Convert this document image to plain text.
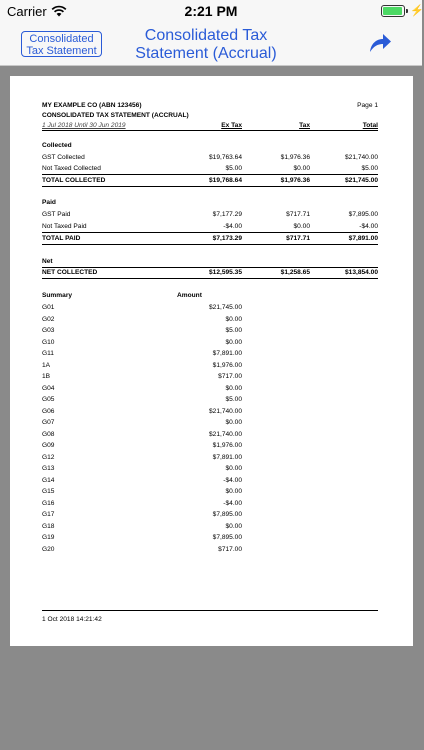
Carrier	2:21 PM	⚡
Consolidated
Tax Statement
Consolidated Tax
Statement (Accrual)
MY EXAMPLE CO (ABN 123456)	Page 1
CONSOLIDATED TAX STATEMENT (ACCRUAL)
1 Jul 2018 Until 30 Jun 2019	Ex Tax	Tax	Total
Collected
GST Collected	$19,763.64	$1,976.36	$21,740.00
Not Taxed Collected	$5.00	$0.00	$5.00
TOTAL COLLECTED	$19,768.64	$1,976.36	$21,745.00
Paid
GST Paid	$7,177.29	$717.71	$7,895.00
Not Taxed Paid	-$4.00	$0.00	-$4.00
TOTAL PAID	$7,173.29	$717.71	$7,891.00
Net
NET COLLECTED	$12,595.35	$1,258.65	$13,854.00
Summary	Amount
G01	$21,745.00
G02	$0.00
G03	$5.00
G10	$0.00
G11	$7,891.00
1A	$1,976.00
1B	$717.00
G04	$0.00
G05	$5.00
G06	$21,740.00
G07	$0.00
G08	$21,740.00
G09	$1,976.00
G12	$7,891.00
G13	$0.00
G14	-$4.00
G15	$0.00
G16	-$4.00
G17	$7,895.00
G18	$0.00
G19	$7,895.00
G20	$717.00
1 Oct 2018 14:21:42
